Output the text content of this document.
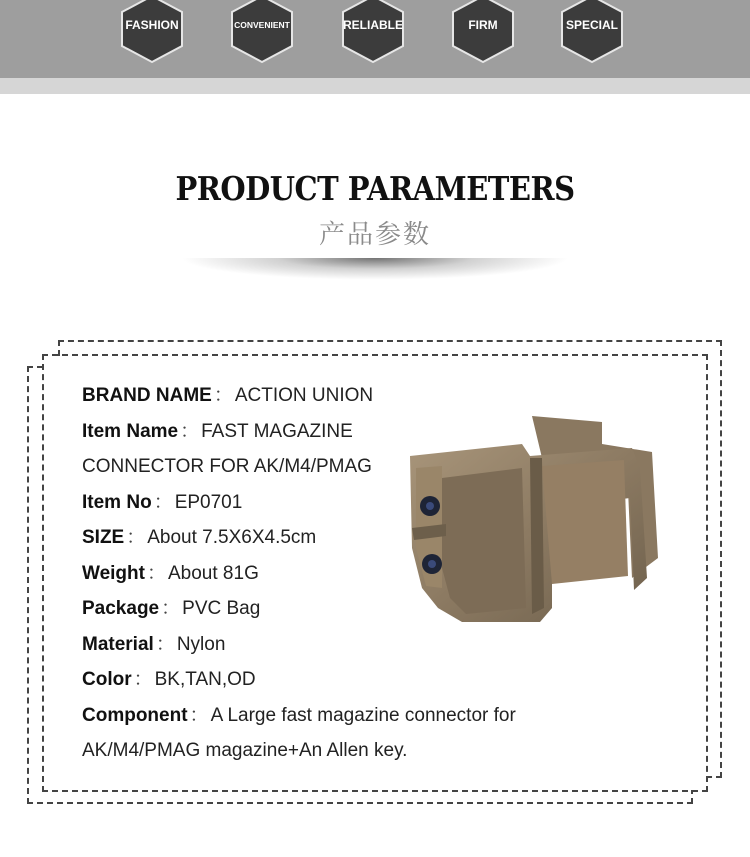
FASHION	CONVENIENT	RELIABLE	FIRM	SPECIAL
PRODUCT PARAMETERS
产品参数
BRAND NAME ： ACTION UNION
Item Name ： FAST MAGAZINE
CONNECTOR FOR AK/M4/PMAG
Item No ： EP0701
SIZE ： About 7.5X6X4.5cm
Weight ： About 81G
Package ： PVC Bag
Material ： Nylon
Color ： BK,TAN,OD
Component ： A Large fast magazine connector for
AK/M4/PMAG magazine+An Allen key.
